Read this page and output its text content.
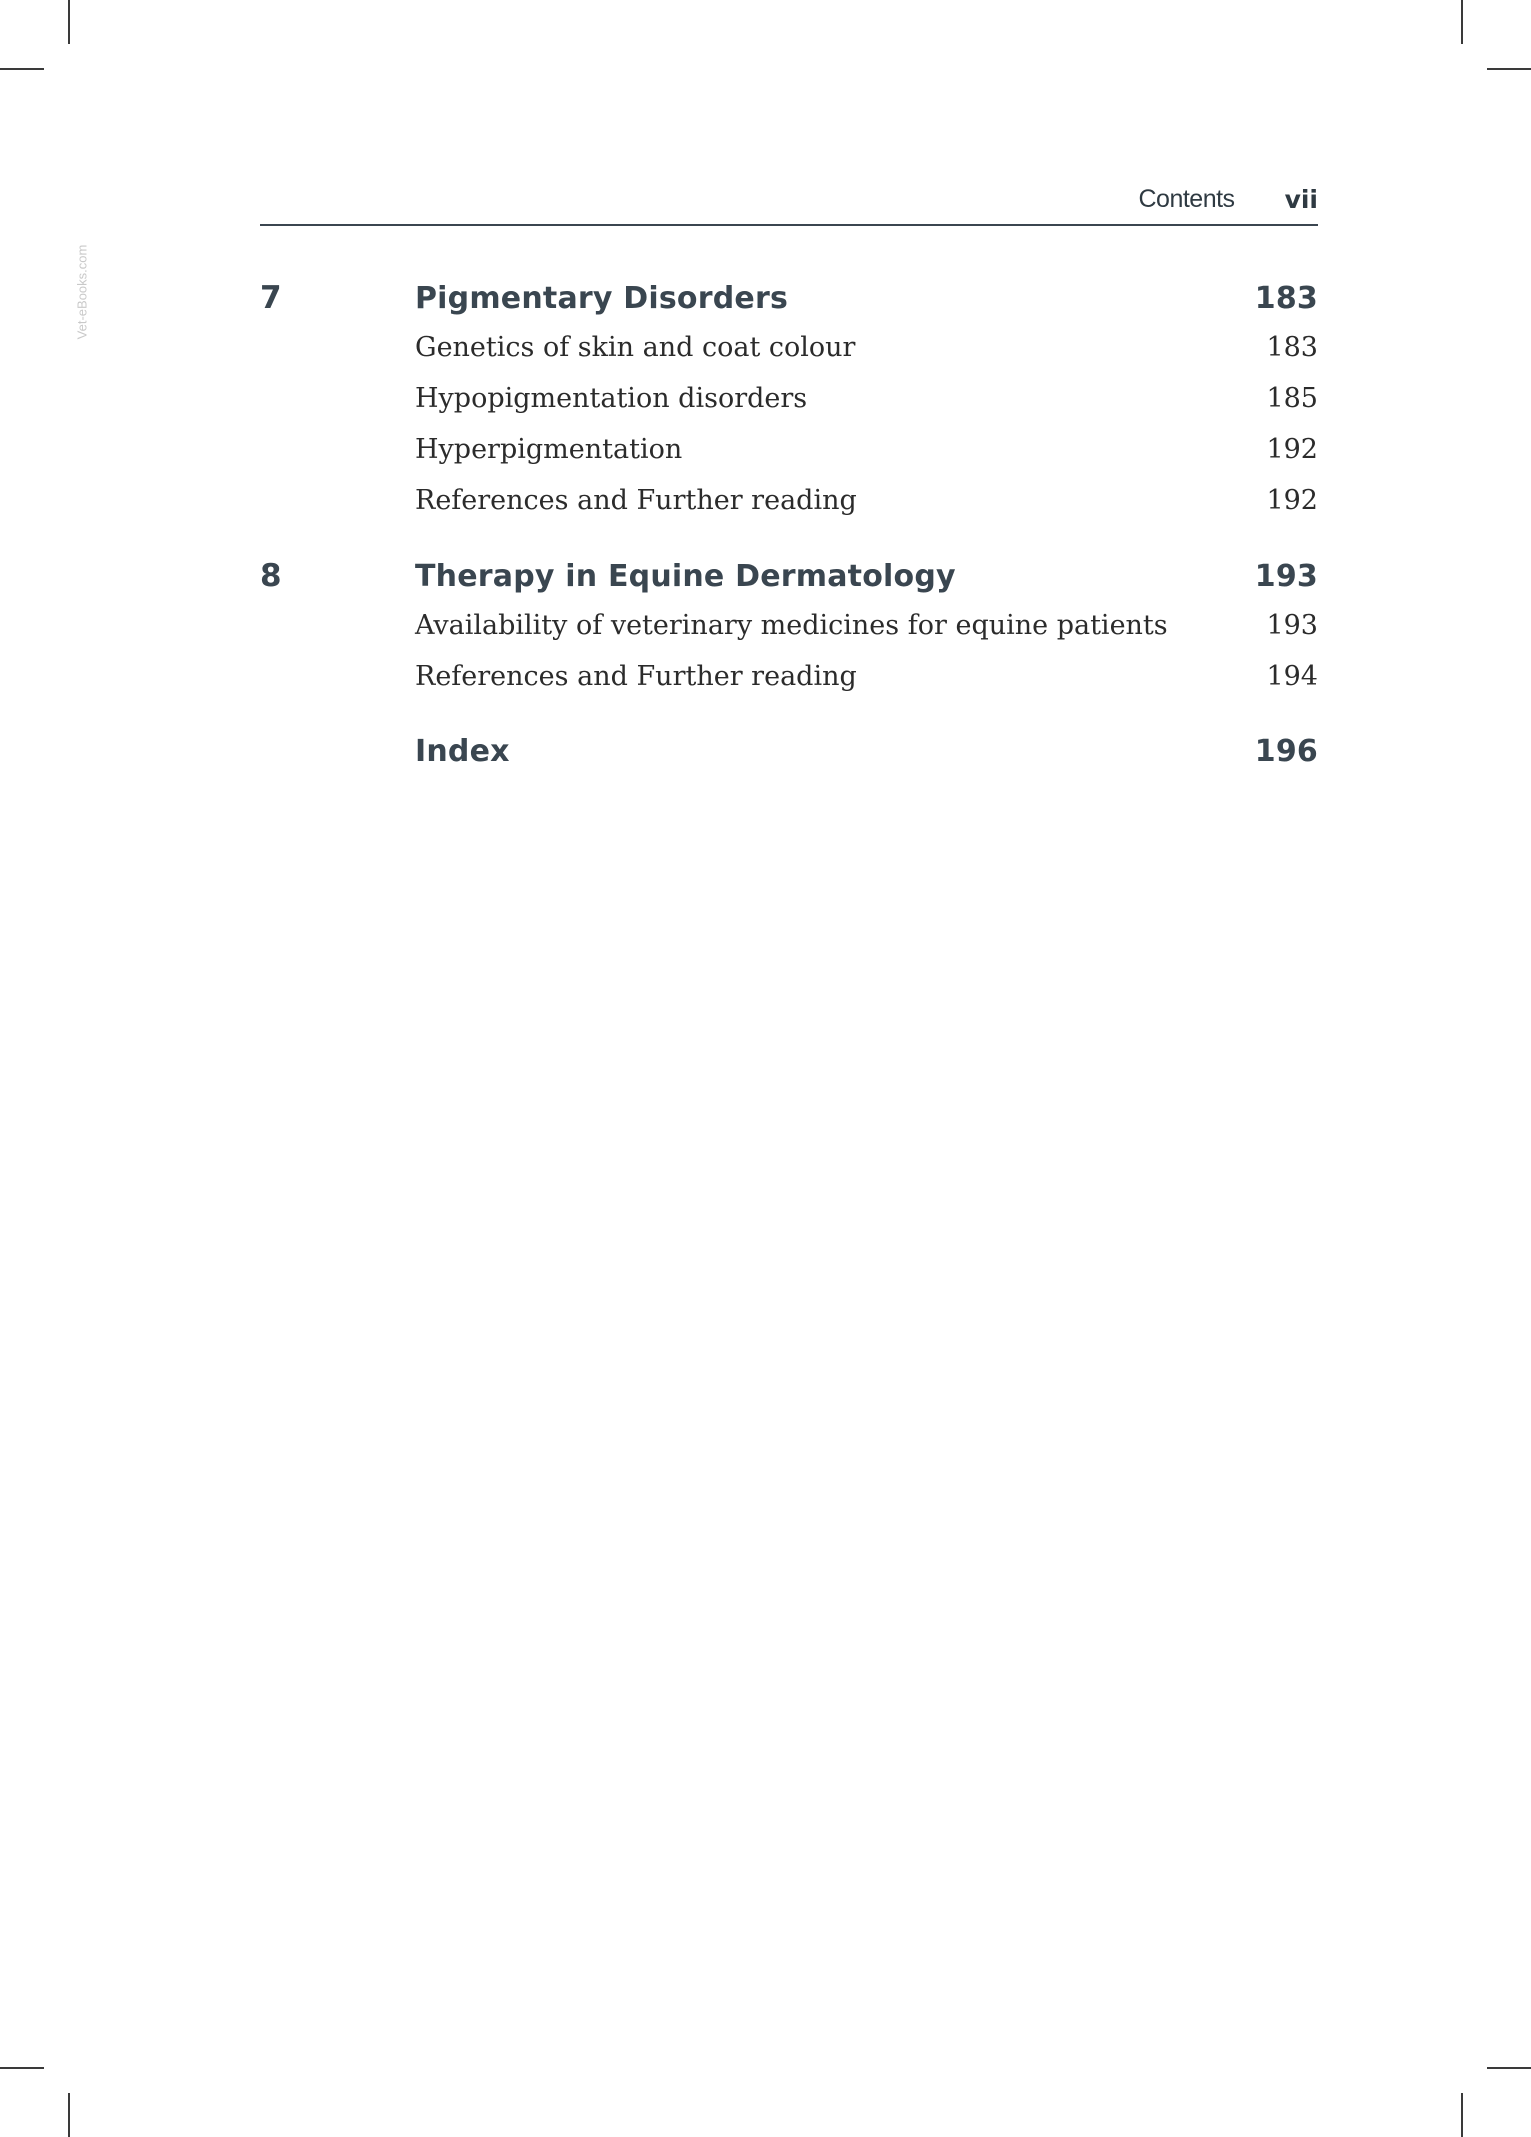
Vet-eBooks.com
Contents vii
7	Pigmentary Disorders	183
Genetics of skin and coat colour	183
Hypopigmentation disorders	185
Hyperpigmentation	192
References and Further reading	192
8	Therapy in Equine Dermatology	193
Availability of veterinary medicines for equine patients	193
References and Further reading	194
Index	196
